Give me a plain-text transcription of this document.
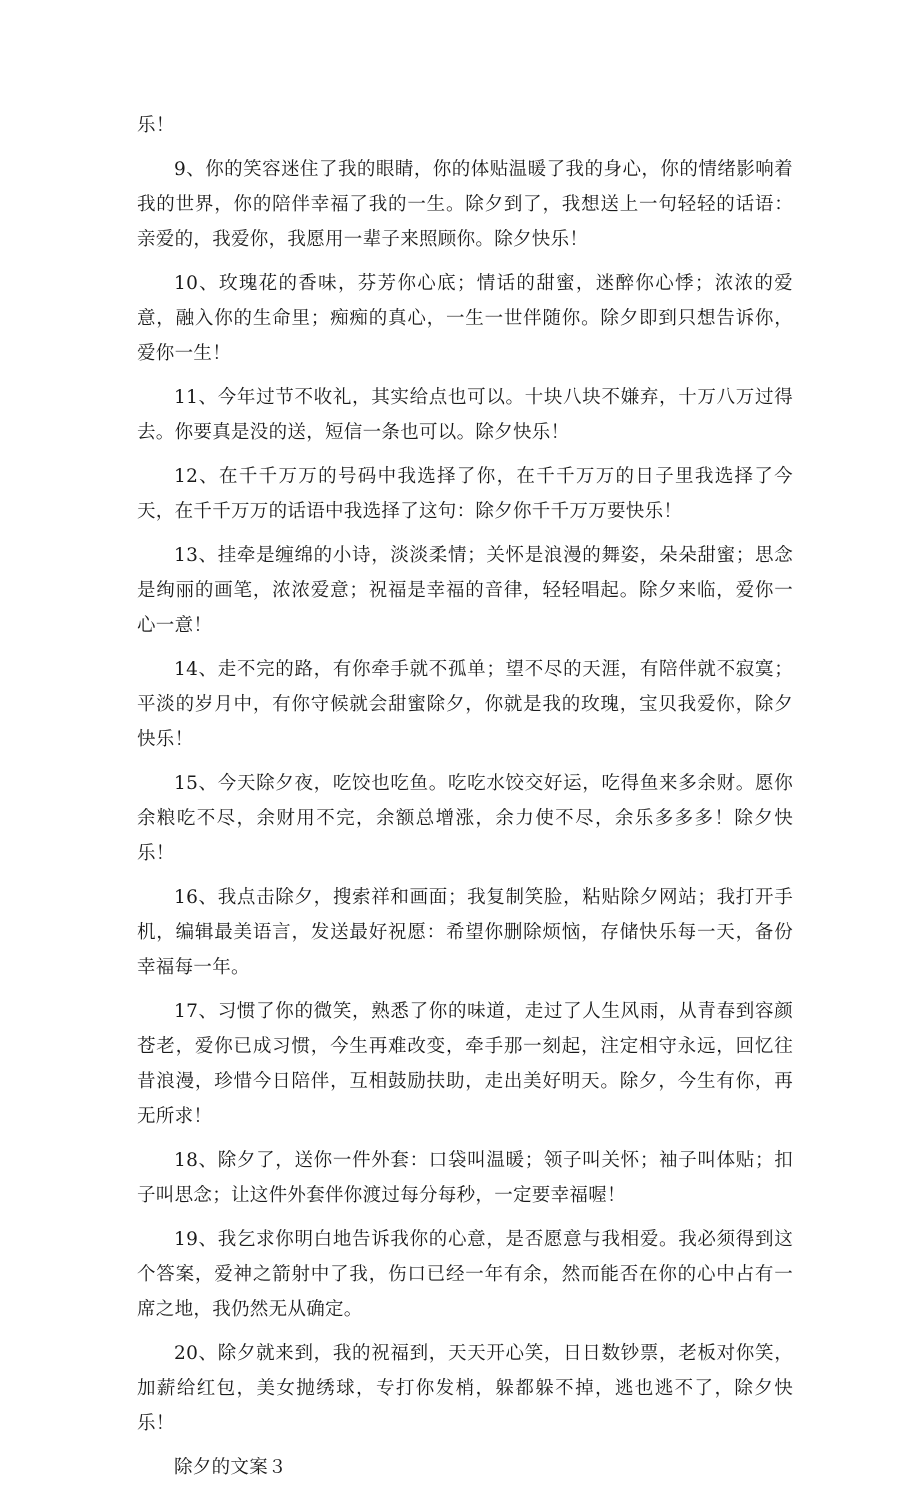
乐！

9、你的笑容迷住了我的眼睛，你的体贴温暖了我的身心，你的情绪影响着我的世界，你的陪伴幸福了我的一生。除夕到了，我想送上一句轻轻的话语：亲爱的，我爱你，我愿用一辈子来照顾你。除夕快乐！

10、玫瑰花的香味，芬芳你心底；情话的甜蜜，迷醉你心悸；浓浓的爱意，融入你的生命里；痴痴的真心，一生一世伴随你。除夕即到只想告诉你，爱你一生！

11、今年过节不收礼，其实给点也可以。十块八块不嫌弃，十万八万过得去。你要真是没的送，短信一条也可以。除夕快乐！

12、在千千万万的号码中我选择了你，在千千万万的日子里我选择了今天，在千千万万的话语中我选择了这句：除夕你千千万万要快乐！

13、挂牵是缠绵的小诗，淡淡柔情；关怀是浪漫的舞姿，朵朵甜蜜；思念是绚丽的画笔，浓浓爱意；祝福是幸福的音律，轻轻唱起。除夕来临，爱你一心一意！

14、走不完的路，有你牵手就不孤单；望不尽的天涯，有陪伴就不寂寞；平淡的岁月中，有你守候就会甜蜜除夕，你就是我的玫瑰，宝贝我爱你，除夕快乐！

15、今天除夕夜，吃饺也吃鱼。吃吃水饺交好运，吃得鱼来多余财。愿你余粮吃不尽，余财用不完，余额总增涨，余力使不尽，余乐多多多！除夕快乐！

16、我点击除夕，搜索祥和画面；我复制笑脸，粘贴除夕网站；我打开手机，编辑最美语言，发送最好祝愿：希望你删除烦恼，存储快乐每一天，备份幸福每一年。

17、习惯了你的微笑，熟悉了你的味道，走过了人生风雨，从青春到容颜苍老，爱你已成习惯，今生再难改变，牵手那一刻起，注定相守永远，回忆往昔浪漫，珍惜今日陪伴，互相鼓励扶助，走出美好明天。除夕，今生有你，再无所求！

18、除夕了，送你一件外套：口袋叫温暖；领子叫关怀；袖子叫体贴；扣子叫思念；让这件外套伴你渡过每分每秒，一定要幸福喔！

19、我乞求你明白地告诉我你的心意，是否愿意与我相爱。我必须得到这个答案，爱神之箭射中了我，伤口已经一年有余，然而能否在你的心中占有一席之地，我仍然无从确定。

20、除夕就来到，我的祝福到，天天开心笑，日日数钞票，老板对你笑，加薪给红包，美女抛绣球，专打你发梢，躲都躲不掉，逃也逃不了，除夕快乐！

除夕的文案３
